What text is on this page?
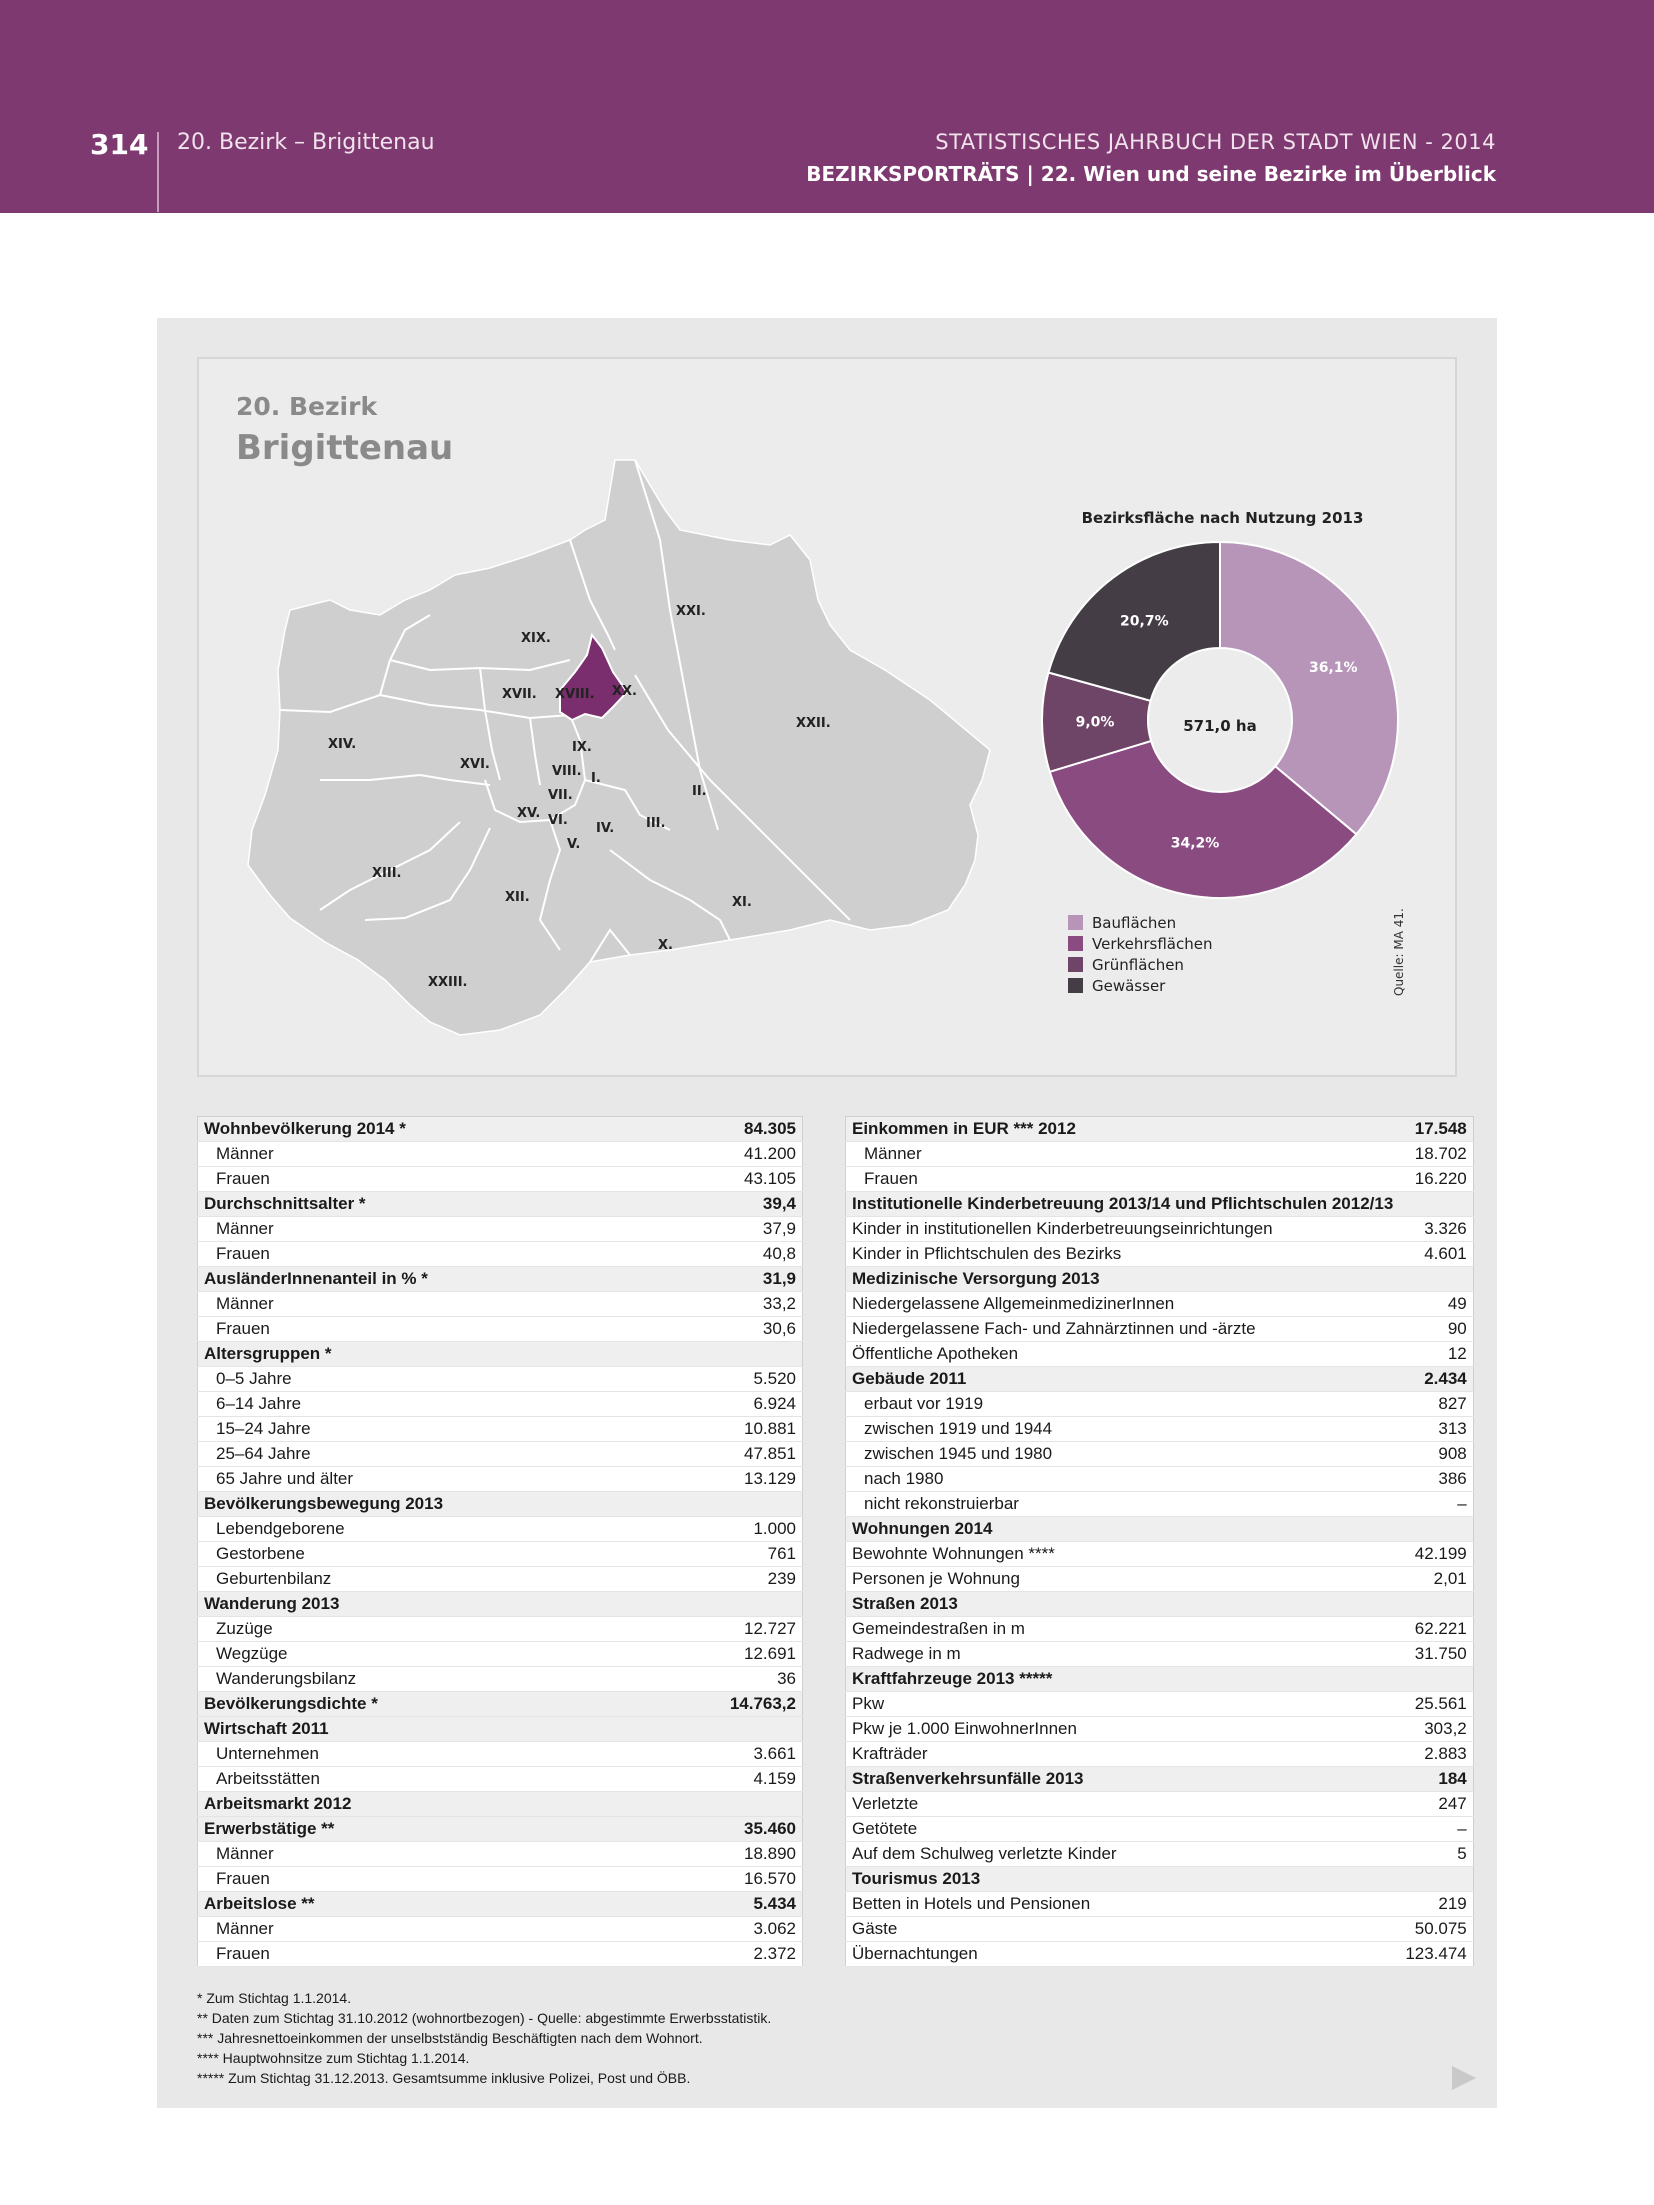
314 20. Bezirk – Brigittenau	STATISTISCHES JAHRBUCH DER STADT WIEN - 2014
BEZIRKSPORTRÄTS | 22. Wien und seine Bezirke im Überblick
20. Bezirk
Brigittenau
XXI.
XIX.
XX.
XXII.
XVII. XVIII.
XIV.	IX.
XVI.	VIII. I.
VII.	II.
XV. VI.
IV. III.
V.
XIII.
XII.	XI.
X.
XXIII.
Bezirksfläche nach Nutzung 2013
36,1%
34,2%
9,0%
20,7%
571,0 ha
Bauflächen
Verkehrsflächen
Grünflächen
Gewässer	Quelle: MA 41.
Wohnbevölkerung 2014 *	84.305
Männer	41.200
Frauen	43.105
Durchschnittsalter *	39,4
Männer	37,9
Frauen	40,8
AusländerInnenanteil in % *	31,9
Männer	33,2
Frauen	30,6
Altersgruppen *	
0–5 Jahre	5.520
6–14 Jahre	6.924
15–24 Jahre	10.881
25–64 Jahre	47.851
65 Jahre und älter	13.129
Bevölkerungsbewegung 2013	
Lebendgeborene	1.000
Gestorbene	761
Geburtenbilanz	239
Wanderung 2013	
Zuzüge	12.727
Wegzüge	12.691
Wanderungsbilanz	36
Bevölkerungsdichte *	14.763,2
Wirtschaft 2011	
Unternehmen	3.661
Arbeitsstätten	4.159
Arbeitsmarkt 2012	
Erwerbstätige **	35.460
Männer	18.890
Frauen	16.570
Arbeitslose **	5.434
Männer	3.062
Frauen	2.372
Einkommen in EUR *** 2012	17.548
Männer	18.702
Frauen	16.220
Institutionelle Kinderbetreuung 2013/14 und Pflichtschulen 2012/13	
Kinder in institutionellen Kinderbetreuungseinrichtungen	3.326
Kinder in Pflichtschulen des Bezirks	4.601
Medizinische Versorgung 2013	
Niedergelassene AllgemeinmedizinerInnen	49
Niedergelassene Fach- und Zahnärztinnen und -ärzte	90
Öffentliche Apotheken	12
Gebäude 2011	2.434
erbaut vor 1919	827
zwischen 1919 und 1944	313
zwischen 1945 und 1980	908
nach 1980	386
nicht rekonstruierbar	–
Wohnungen 2014	
Bewohnte Wohnungen ****	42.199
Personen je Wohnung	2,01
Straßen 2013	
Gemeindestraßen in m	62.221
Radwege in m	31.750
Kraftfahrzeuge 2013 *****	
Pkw	25.561
Pkw je 1.000 EinwohnerInnen	303,2
Krafträder	2.883
Straßenverkehrsunfälle 2013	184
Verletzte	247
Getötete	–
Auf dem Schulweg verletzte Kinder	5
Tourismus 2013	
Betten in Hotels und Pensionen	219
Gäste	50.075
Übernachtungen	123.474
* Zum Stichtag 1.1.2014.
** Daten zum Stichtag 31.10.2012 (wohnortbezogen) - Quelle: abgestimmte Erwerbsstatistik.
*** Jahresnettoeinkommen der unselbstständig Beschäftigten nach dem Wohnort.
**** Hauptwohnsitze zum Stichtag 1.1.2014.
***** Zum Stichtag 31.12.2013. Gesamtsumme inklusive Polizei, Post und ÖBB.
